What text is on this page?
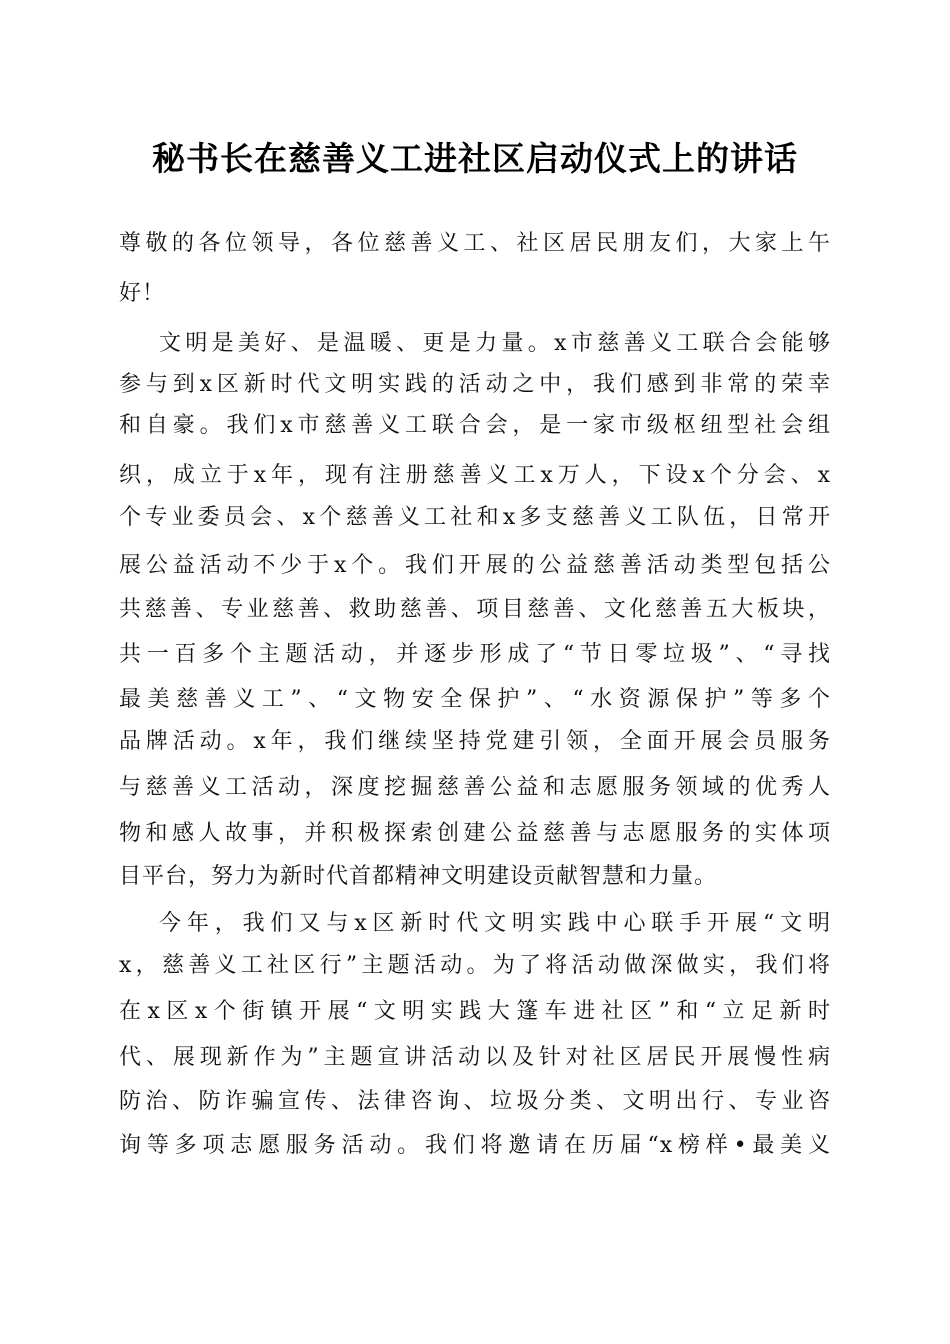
秘书长在慈善义工进社区启动仪式上的讲话
尊敬的各位领导，各位慈善义工、社区居民朋友们，大家上午
好！
文明是美好、是温暖、更是力量。x市慈善义工联合会能够
参与到x区新时代文明实践的活动之中，我们感到非常的荣幸
和自豪。我们x市慈善义工联合会，是一家市级枢纽型社会组
织，成立于x年，现有注册慈善义工x万人，下设x个分会、x
个专业委员会、x个慈善义工社和x多支慈善义工队伍，日常开
展公益活动不少于x个。我们开展的公益慈善活动类型包括公
共慈善、专业慈善、救助慈善、项目慈善、文化慈善五大板块，
共一百多个主题活动，并逐步形成了“节日零垃圾”、“寻找
最美慈善义工”、“文物安全保护”、“水资源保护”等多个
品牌活动。x年，我们继续坚持党建引领，全面开展会员服务
与慈善义工活动，深度挖掘慈善公益和志愿服务领域的优秀人
物和感人故事，并积极探索创建公益慈善与志愿服务的实体项
目平台，努力为新时代首都精神文明建设贡献智慧和力量。
今年，我们又与x区新时代文明实践中心联手开展“文明
x，慈善义工社区行”主题活动。为了将活动做深做实，我们将
在x区x个街镇开展“文明实践大篷车进社区”和“立足新时
代、展现新作为”主题宣讲活动以及针对社区居民开展慢性病
防治、防诈骗宣传、法律咨询、垃圾分类、文明出行、专业咨
询等多项志愿服务活动。我们将邀请在历届“x榜样•最美义
